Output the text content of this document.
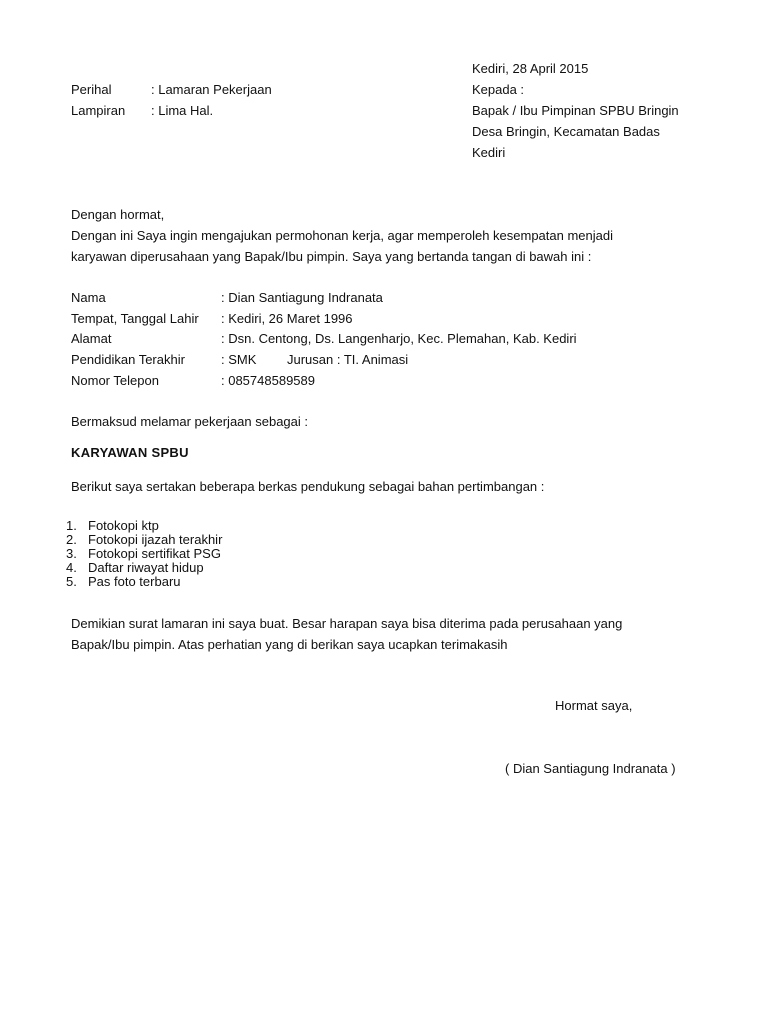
Kediri, 28 April 2015
Kepada :
Bapak / Ibu Pimpinan SPBU Bringin
Desa Bringin, Kecamatan Badas
Kediri
Perihal	: Lamaran Pekerjaan
Lampiran : Lima Hal.
Dengan hormat,
Dengan ini Saya ingin mengajukan permohonan kerja, agar memperoleh kesempatan menjadi
karyawan diperusahaan yang Bapak/Ibu pimpin. Saya yang bertanda tangan di bawah ini :
Nama	: Dian Santiagung Indranata
Tempat, Tanggal Lahir : Kediri, 26 Maret 1996
Alamat	: Dsn. Centong, Ds. Langenharjo, Kec. Plemahan, Kab. Kediri
Pendidikan Terakhir	: SMK Jurusan : TI. Animasi
Nomor Telepon	: 085748589589
Bermaksud melamar pekerjaan sebagai :
KARYAWAN SPBU
Berikut saya sertakan beberapa berkas pendukung sebagai bahan pertimbangan :
1. Fotokopi ktp
2. Fotokopi ijazah terakhir
3. Fotokopi sertifikat PSG
4. Daftar riwayat hidup
5. Pas foto terbaru
Demikian surat lamaran ini saya buat. Besar harapan saya bisa diterima pada perusahaan yang
Bapak/Ibu pimpin. Atas perhatian yang di berikan saya ucapkan terimakasih
Hormat saya,
( Dian Santiagung Indranata )
